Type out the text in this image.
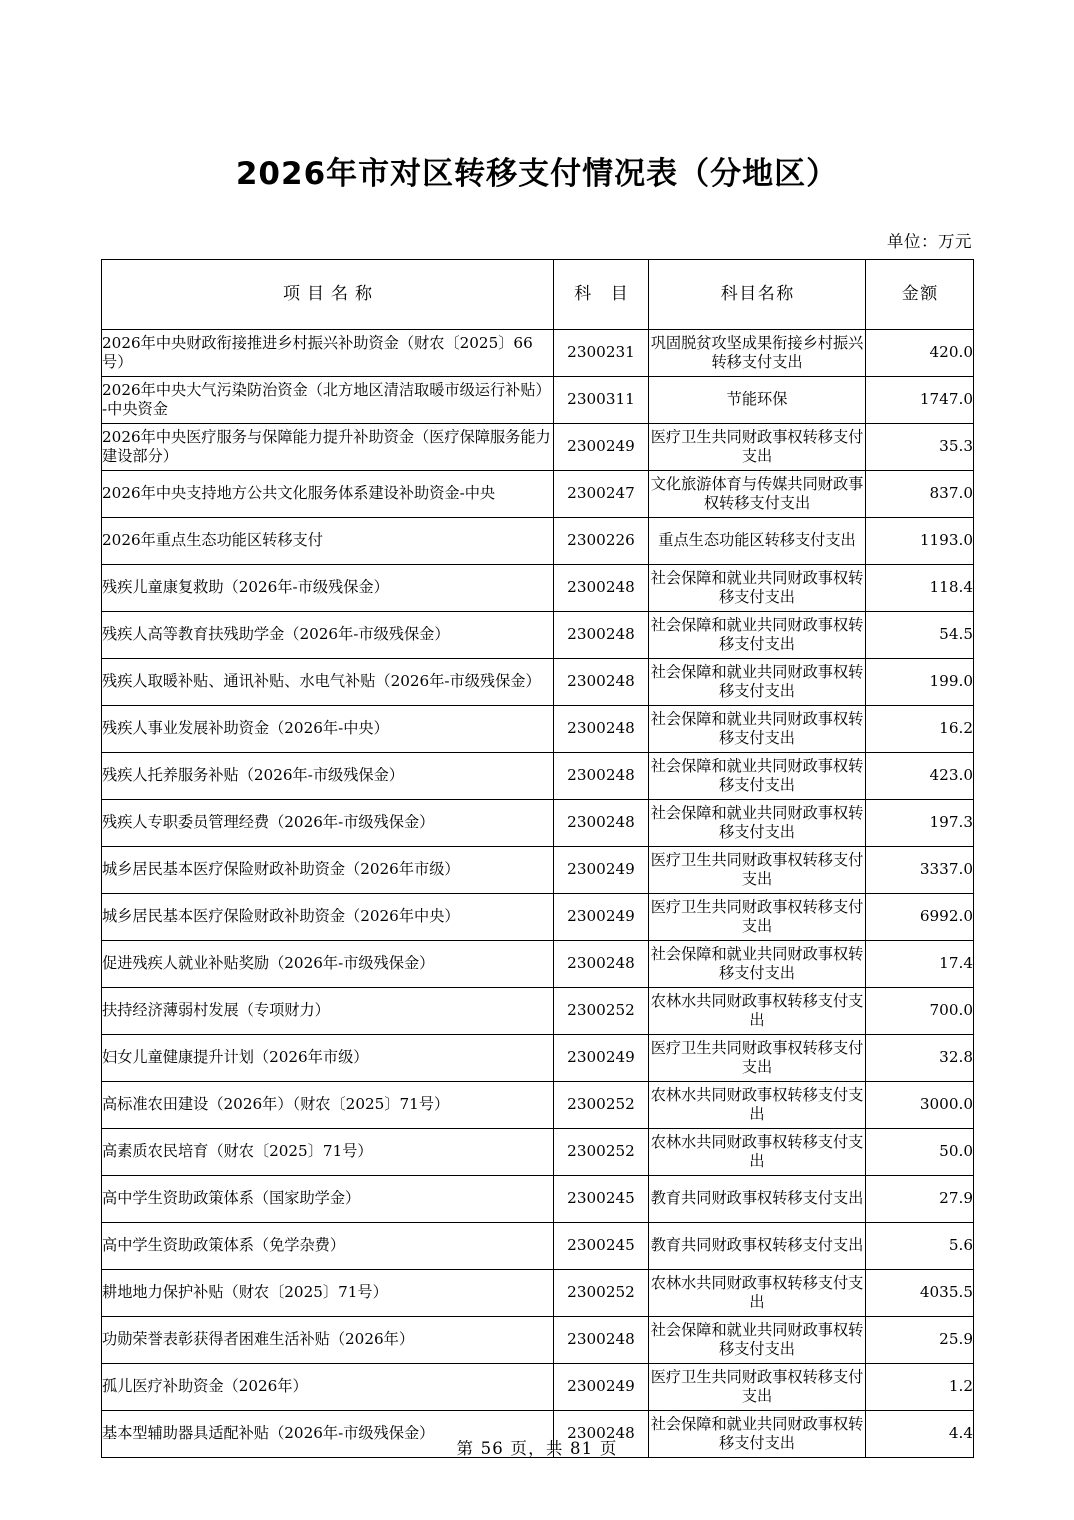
2026年市对区转移支付情况表（分地区）
单位：万元
项目名称	科 目	科目名称	金额
2026年中央财政衔接推进乡村振兴补助资金（财农〔2025〕66号）	2300231	巩固脱贫攻坚成果衔接乡村振兴转移支付支出	420.0
2026年中央大气污染防治资金（北方地区清洁取暖市级运行补贴）-中央资金	2300311	节能环保	1747.0
2026年中央医疗服务与保障能力提升补助资金（医疗保障服务能力建设部分）	2300249	医疗卫生共同财政事权转移支付支出	35.3
2026年中央支持地方公共文化服务体系建设补助资金-中央	2300247	文化旅游体育与传媒共同财政事权转移支付支出	837.0
2026年重点生态功能区转移支付	2300226	重点生态功能区转移支付支出	1193.0
残疾儿童康复救助（2026年-市级残保金）	2300248	社会保障和就业共同财政事权转移支付支出	118.4
残疾人高等教育扶残助学金（2026年-市级残保金）	2300248	社会保障和就业共同财政事权转移支付支出	54.5
残疾人取暖补贴、通讯补贴、水电气补贴（2026年-市级残保金）	2300248	社会保障和就业共同财政事权转移支付支出	199.0
残疾人事业发展补助资金（2026年-中央）	2300248	社会保障和就业共同财政事权转移支付支出	16.2
残疾人托养服务补贴（2026年-市级残保金）	2300248	社会保障和就业共同财政事权转移支付支出	423.0
残疾人专职委员管理经费（2026年-市级残保金）	2300248	社会保障和就业共同财政事权转移支付支出	197.3
城乡居民基本医疗保险财政补助资金（2026年市级）	2300249	医疗卫生共同财政事权转移支付支出	3337.0
城乡居民基本医疗保险财政补助资金（2026年中央）	2300249	医疗卫生共同财政事权转移支付支出	6992.0
促进残疾人就业补贴奖励（2026年-市级残保金）	2300248	社会保障和就业共同财政事权转移支付支出	17.4
扶持经济薄弱村发展（专项财力）	2300252	农林水共同财政事权转移支付支出	700.0
妇女儿童健康提升计划（2026年市级）	2300249	医疗卫生共同财政事权转移支付支出	32.8
高标准农田建设（2026年）（财农〔2025〕71号）	2300252	农林水共同财政事权转移支付支出	3000.0
高素质农民培育（财农〔2025〕71号）	2300252	农林水共同财政事权转移支付支出	50.0
高中学生资助政策体系（国家助学金）	2300245	教育共同财政事权转移支付支出	27.9
高中学生资助政策体系（免学杂费）	2300245	教育共同财政事权转移支付支出	5.6
耕地地力保护补贴（财农〔2025〕71号）	2300252	农林水共同财政事权转移支付支出	4035.5
功勋荣誉表彰获得者困难生活补贴（2026年）	2300248	社会保障和就业共同财政事权转移支付支出	25.9
孤儿医疗补助资金（2026年）	2300249	医疗卫生共同财政事权转移支付支出	1.2
基本型辅助器具适配补贴（2026年-市级残保金）	2300248	社会保障和就业共同财政事权转移支付支出	4.4
第 56 页，共 81 页
